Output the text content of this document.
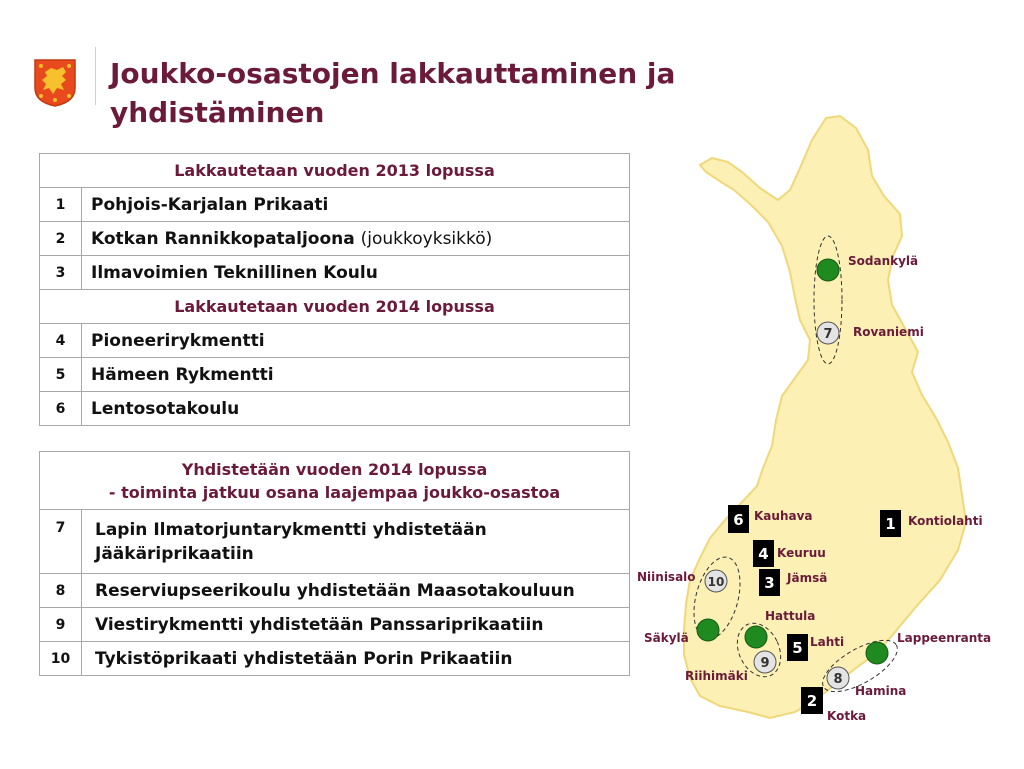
Joukko-osastojen lakkauttaminen ja
yhdistäminen
Lakkautetaan vuoden 2013 lopussa	
1	Pohjois-Karjalan Prikaati
2	Kotkan Rannikkopataljoona (joukkoyksikkö)
3	Ilmavoimien Teknillinen Koulu
Lakkautetaan vuoden 2014 lopussa	
4	Pioneerirykmentti
5	Hämeen Rykmentti
6	Lentosotakoulu
Yhdistetään vuoden 2014 lopussa
- toiminta jatkuu osana laajempaa joukko-osastoa	
7	Lapin Ilmatorjuntarykmentti yhdistetään
Jääkäriprikaatiin
8	Reserviupseerikoulu yhdistetään Maasotakouluun
9	Viestirykmentti yhdistetään Panssariprikaatiin
10	Tykistöprikaati yhdistetään Porin Prikaatiin
7
10
9
8
6	1
4
3
5
2
Sodankylä
Rovaniemi
Kauhava	Kontiolahti
Keuruu
Jämsä
Niinisalo
Hattula
Säkylä	Lahti	Lappeenranta
Riihimäki
Hamina
Kotka
